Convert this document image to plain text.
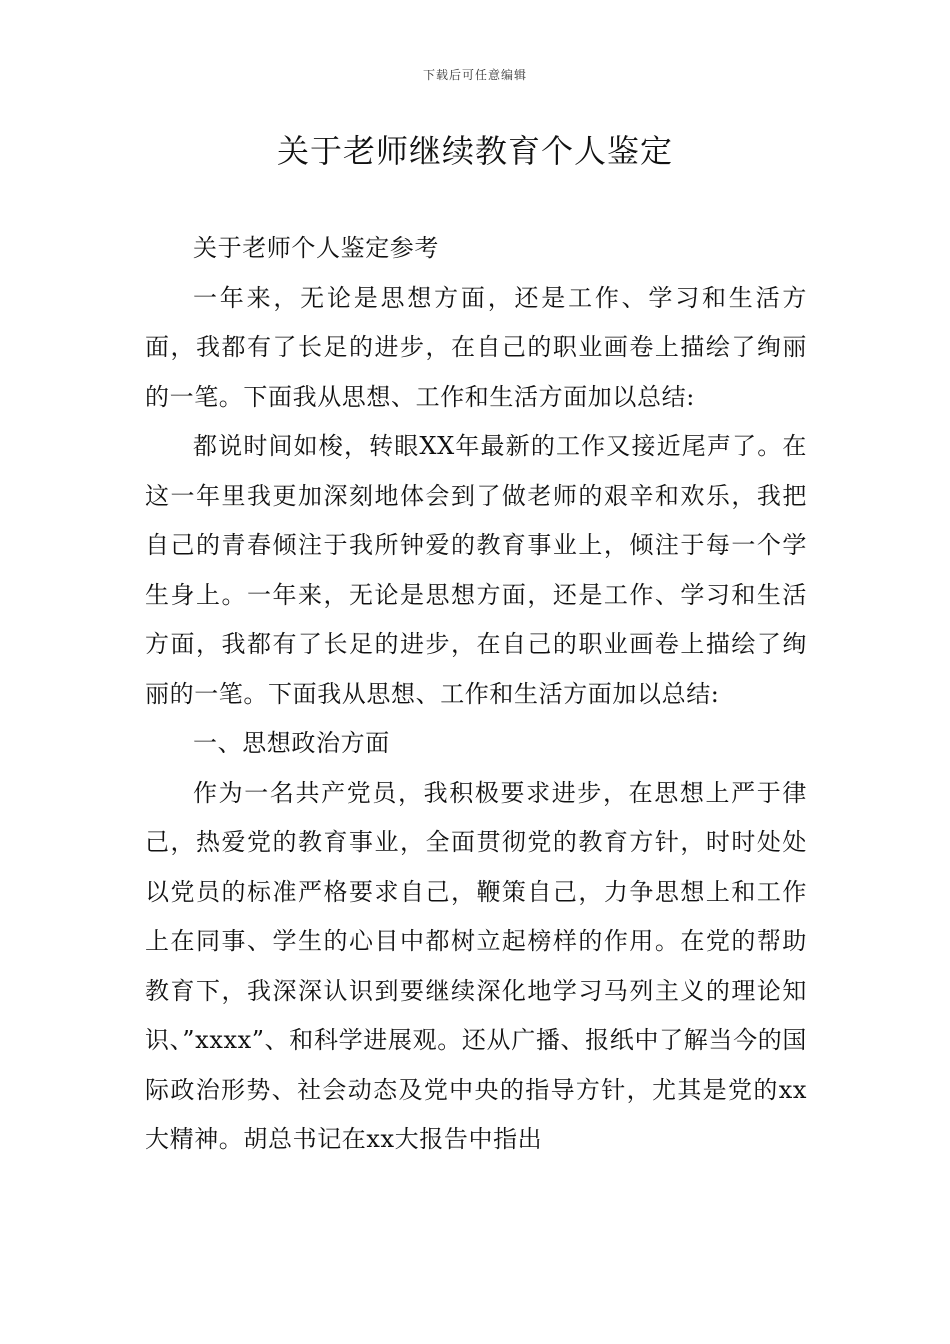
下载后可任意编辑
关于老师继续教育个人鉴定

关于老师个人鉴定参考

一年来，无论是思想方面，还是工作、学习和生活方面，我都有了长足的进步，在自己的职业画卷上描绘了绚丽的一笔。下面我从思想、工作和生活方面加以总结:

都说时间如梭，转眼XX年最新的工作又接近尾声了。在这一年里我更加深刻地体会到了做老师的艰辛和欢乐，我把自己的青春倾注于我所钟爱的教育事业上，倾注于每一个学生身上。一年来，无论是思想方面，还是工作、学习和生活方面，我都有了长足的进步，在自己的职业画卷上描绘了绚丽的一笔。下面我从思想、工作和生活方面加以总结:

一、思想政治方面

作为一名共产党员，我积极要求进步，在思想上严于律己，热爱党的教育事业，全面贯彻党的教育方针，时时处处以党员的标准严格要求自己，鞭策自己，力争思想上和工作上在同事、学生的心目中都树立起榜样的作用。在党的帮助教育下，我深深认识到要继续深化地学习马列主义的理论知识、”xxxx”、和科学进展观。还从广播、报纸中了解当今的国际政治形势、社会动态及党中央的指导方针，尤其是党的xx大精神。胡总书记在xx大报告中指出
